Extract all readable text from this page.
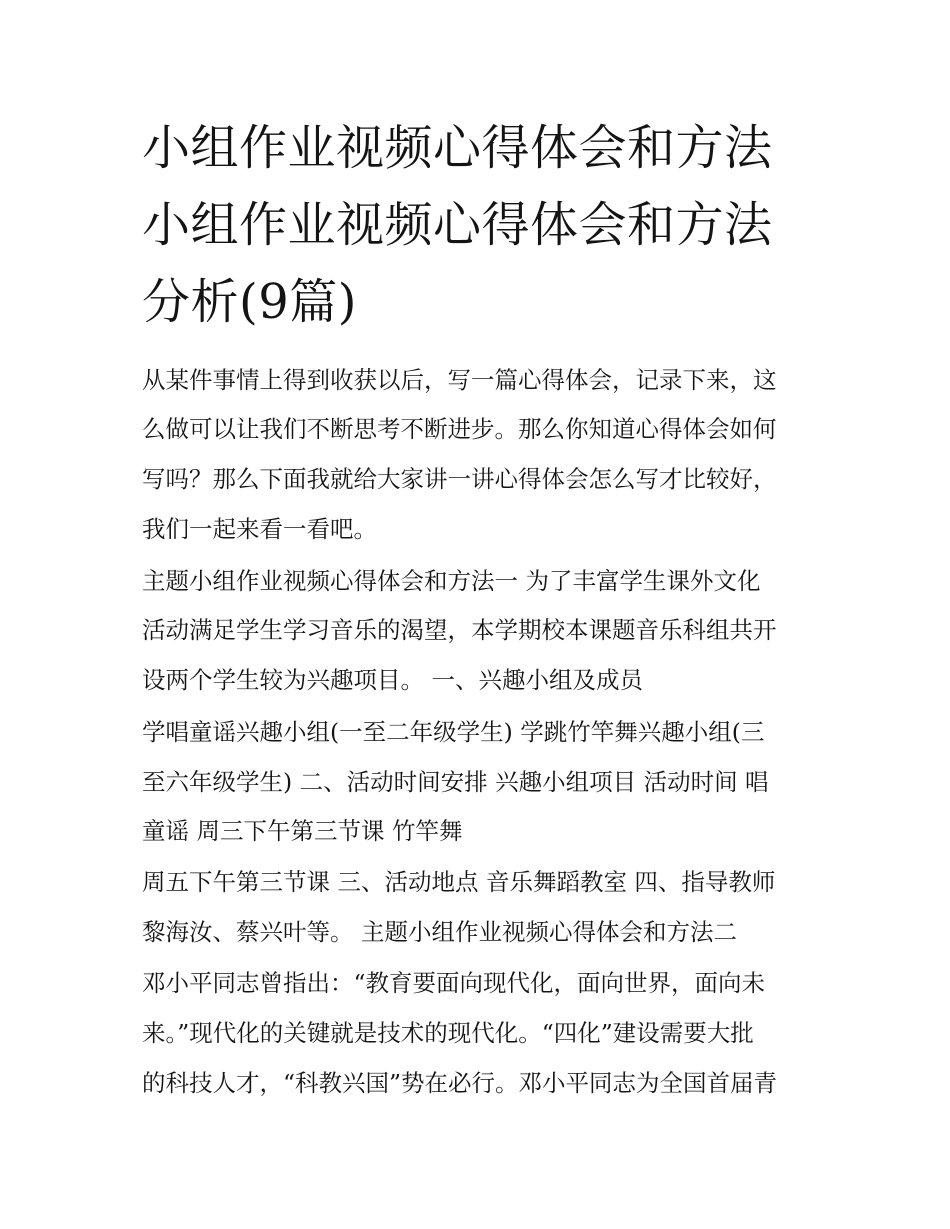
小组作业视频心得体会和方法
小组作业视频心得体会和方法
分析(9篇)
从某件事情上得到收获以后，写一篇心得体会，记录下来，这
么做可以让我们不断思考不断进步。那么你知道心得体会如何
写吗？那么下面我就给大家讲一讲心得体会怎么写才比较好，
我们一起来看一看吧。
主题小组作业视频心得体会和方法一 为了丰富学生课外文化
活动满足学生学习音乐的渴望，本学期校本课题音乐科组共开
设两个学生较为兴趣项目。 一、兴趣小组及成员
学唱童谣兴趣小组(一至二年级学生) 学跳竹竿舞兴趣小组(三
至六年级学生) 二、活动时间安排 兴趣小组项目 活动时间 唱
童谣 周三下午第三节课 竹竿舞
周五下午第三节课 三、活动地点 音乐舞蹈教室 四、指导教师
黎海汝、蔡兴叶等。 主题小组作业视频心得体会和方法二
邓小平同志曾指出：“教育要面向现代化，面向世界，面向未
来。”现代化的关键就是技术的现代化。“四化”建设需要大批
的科技人才，“科教兴国”势在必行。邓小平同志为全国首届青
